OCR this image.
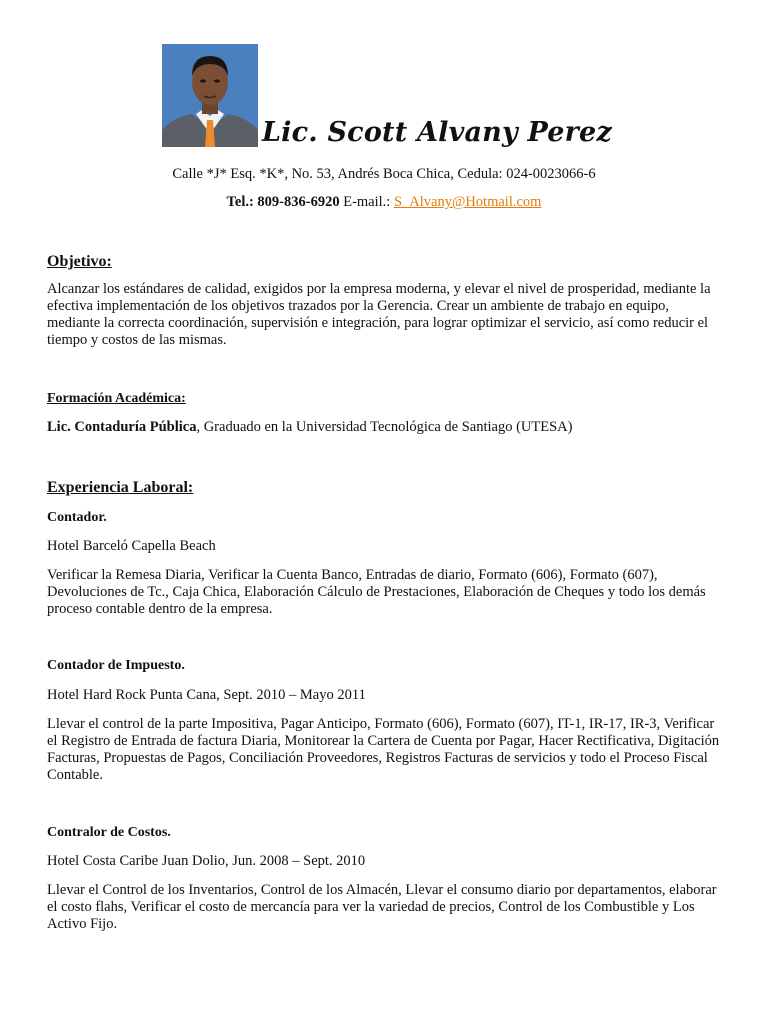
Lic. Scott Alvany Perez
Calle *J* Esq. *K*, No. 53, Andrés Boca Chica, Cedula: 024-0023066-6
Tel.: 809-836-6920 E-mail.: S_Alvany@Hotmail.com
Objetivo:
Alcanzar los estándares de calidad, exigidos por la empresa moderna, y elevar el nivel de prosperidad, mediante la efectiva implementación de los objetivos trazados por la Gerencia. Crear un ambiente de trabajo en equipo, mediante la correcta coordinación, supervisión e integración, para lograr optimizar el servicio, así como reducir el tiempo y costos de las mismas.
Formación Académica:
Lic. Contaduría Pública, Graduado en la Universidad Tecnológica de Santiago (UTESA)
Experiencia Laboral:
Contador.
Hotel Barceló Capella Beach
Verificar la Remesa Diaria, Verificar la Cuenta Banco, Entradas de diario, Formato (606), Formato (607), Devoluciones de Tc., Caja Chica, Elaboración Cálculo de Prestaciones, Elaboración de Cheques y todo los demás proceso contable dentro de la empresa.
Contador de Impuesto.
Hotel Hard Rock Punta Cana, Sept. 2010 – Mayo 2011
Llevar el control de la parte Impositiva, Pagar Anticipo, Formato (606), Formato (607), IT-1, IR-17, IR-3, Verificar el Registro de Entrada de factura Diaria, Monitorear la Cartera de Cuenta por Pagar, Hacer Rectificativa, Digitación Facturas, Propuestas de Pagos, Conciliación Proveedores, Registros Facturas de servicios y todo el Proceso Fiscal Contable.
Contralor de Costos.
Hotel Costa Caribe Juan Dolio, Jun. 2008 – Sept. 2010
Llevar el Control de los Inventarios, Control de los Almacén, Llevar el consumo diario por departamentos, elaborar el costo flahs, Verificar el costo de mercancía para ver la variedad de precios, Control de los Combustible y Los Activo Fijo.
